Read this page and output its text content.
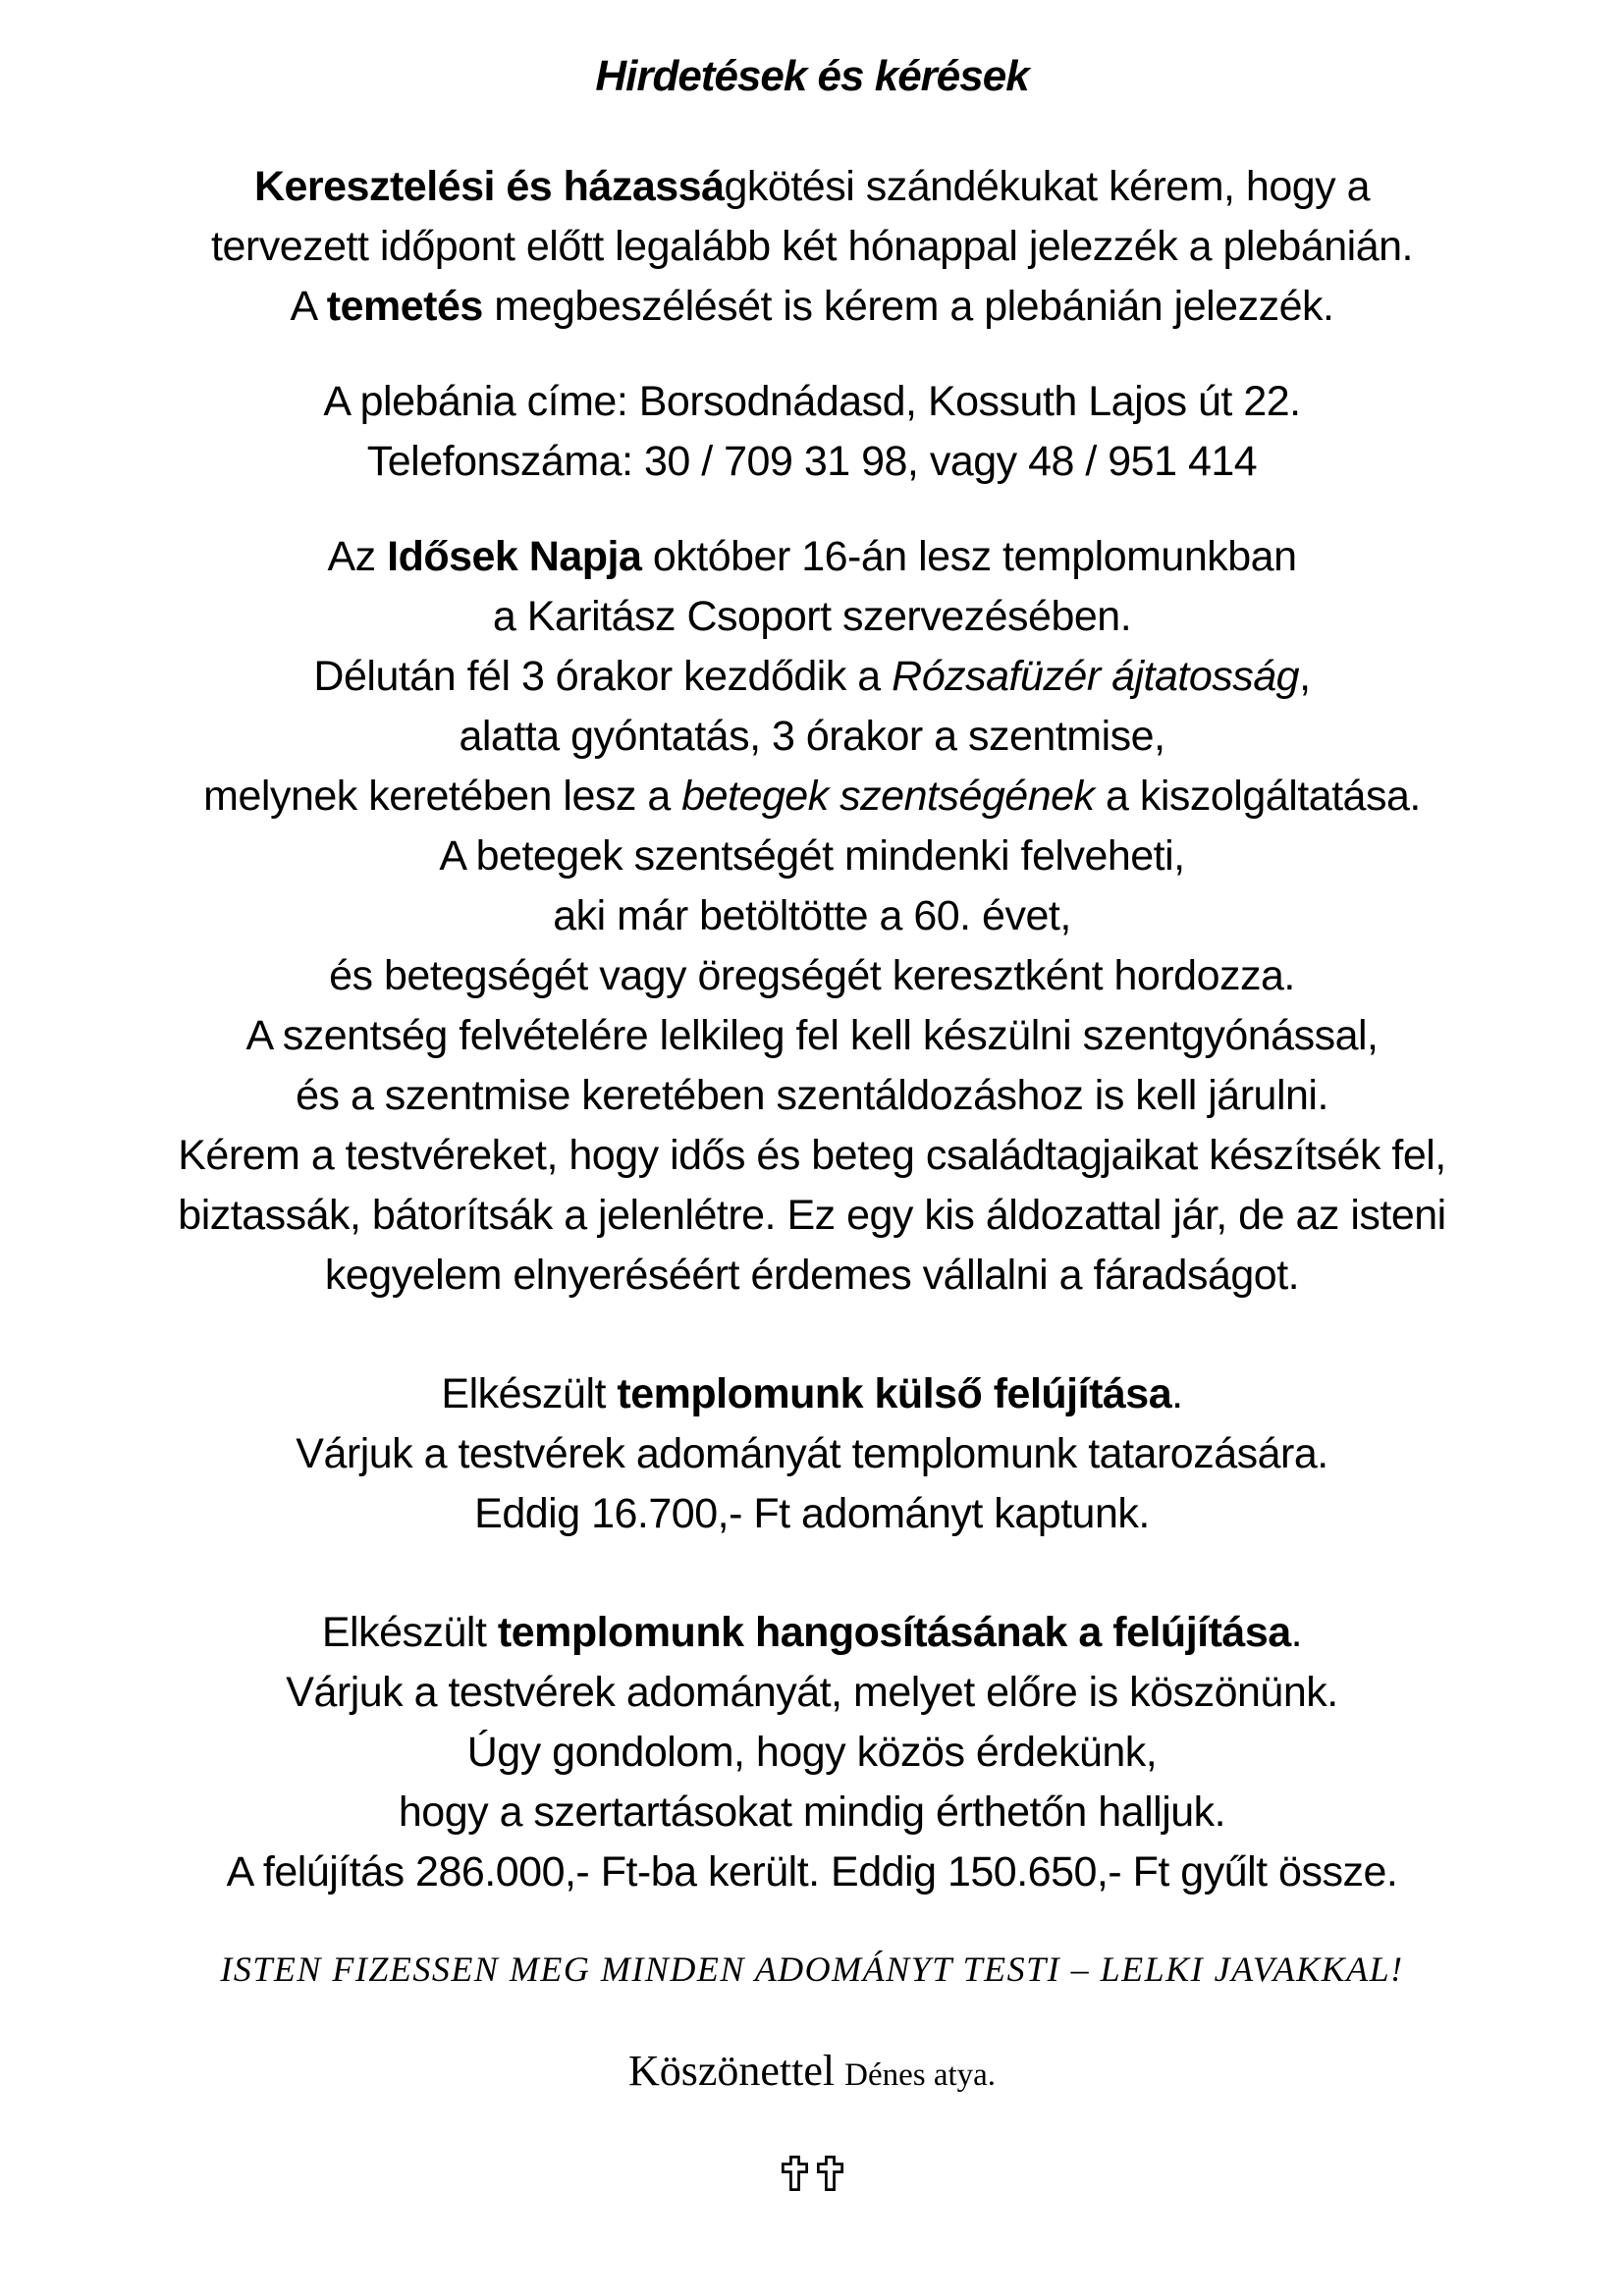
Hirdetések és kérések
Keresztelési és házasságkötési szándékukat kérem, hogy a
tervezett időpont előtt legalább két hónappal jelezzék a plebánián.
A temetés megbeszélését is kérem a plebánián jelezzék.
A plebánia címe: Borsodnádasd, Kossuth Lajos út 22.
Telefonszáma: 30 / 709 31 98, vagy 48 / 951 414
Az Idősek Napja október 16-án lesz templomunkban
a Karitász Csoport szervezésében.
Délután fél 3 órakor kezdődik a Rózsafüzér ájtatosság,
alatta gyóntatás, 3 órakor a szentmise,
melynek keretében lesz a betegek szentségének a kiszolgáltatása.
A betegek szentségét mindenki felveheti,
aki már betöltötte a 60. évet,
és betegségét vagy öregségét keresztként hordozza.
A szentség felvételére lelkileg fel kell készülni szentgyónással,
és a szentmise keretében szentáldozáshoz is kell járulni.
Kérem a testvéreket, hogy idős és beteg családtagjaikat készítsék fel,
biztassák, bátorítsák a jelenlétre. Ez egy kis áldozattal jár, de az isteni
kegyelem elnyeréséért érdemes vállalni a fáradságot.
Elkészült templomunk külső felújítása.
Várjuk a testvérek adományát templomunk tatarozására.
Eddig 16.700,- Ft adományt kaptunk.
Elkészült templomunk hangosításának a felújítása.
Várjuk a testvérek adományát, melyet előre is köszönünk.
Úgy gondolom, hogy közös érdekünk,
hogy a szertartásokat mindig érthetőn halljuk.
A felújítás 286.000,- Ft-ba került. Eddig 150.650,- Ft gyűlt össze.
ISTEN FIZESSEN MEG MINDEN ADOMÁNYT TESTI – LELKI JAVAKKAL!
Köszönettel Dénes atya.
